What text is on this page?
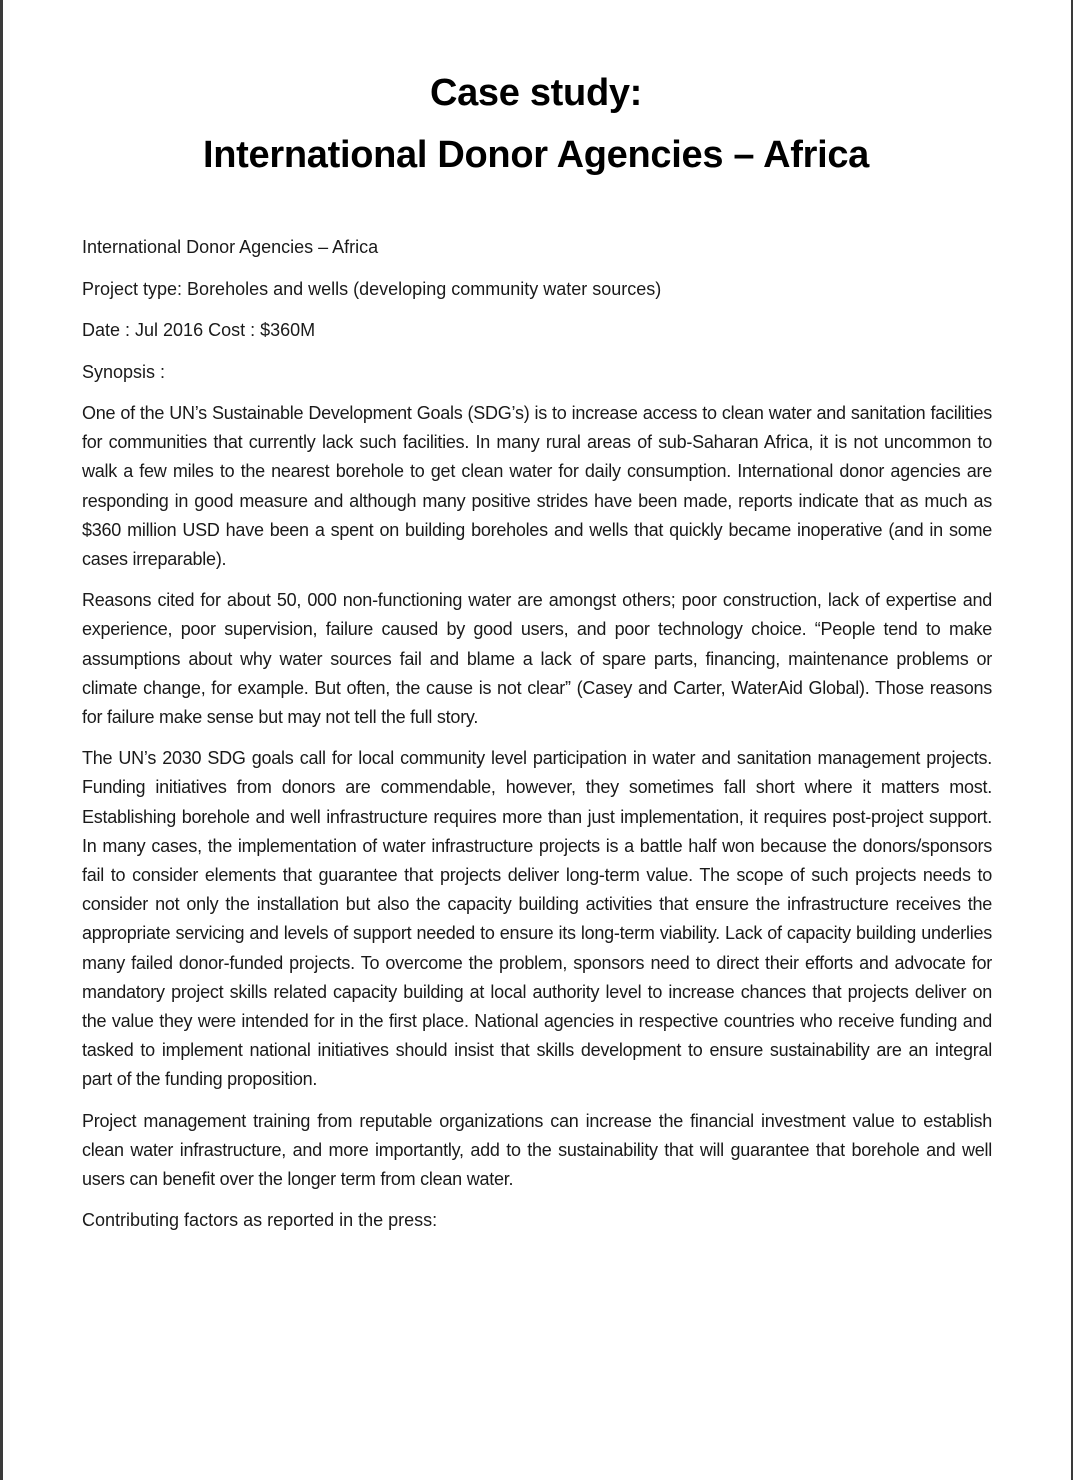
Case study:
International Donor Agencies – Africa

International Donor Agencies – Africa

Project type: Boreholes and wells (developing community water sources)

Date : Jul 2016 Cost : $360M

Synopsis :

One of the UN’s Sustainable Development Goals (SDG’s) is to increase access to clean water and sanitation facilities for communities that currently lack such facilities. In many rural areas of sub-Saharan Africa, it is not uncommon to walk a few miles to the nearest borehole to get clean water for daily consumption. International donor agencies are responding in good measure and although many positive strides have been made, reports indicate that as much as $360 million USD have been a spent on building boreholes and wells that quickly became inoperative (and in some cases irreparable).

Reasons cited for about 50, 000 non-functioning water are amongst others; poor construction, lack of expertise and experience, poor supervision, failure caused by good users, and poor technology choice. “People tend to make assumptions about why water sources fail and blame a lack of spare parts, financing, maintenance problems or climate change, for example. But often, the cause is not clear” (Casey and Carter, WaterAid Global). Those reasons for failure make sense but may not tell the full story.

The UN’s 2030 SDG goals call for local community level participation in water and sanitation management projects. Funding initiatives from donors are commendable, however, they sometimes fall short where it matters most. Establishing borehole and well infrastructure requires more than just implementation, it requires post-project support. In many cases, the implementation of water infrastructure projects is a battle half won because the donors/sponsors fail to consider elements that guarantee that projects deliver long-term value. The scope of such projects needs to consider not only the installation but also the capacity building activities that ensure the infrastructure receives the appropriate servicing and levels of support needed to ensure its long-term viability. Lack of capacity building underlies many failed donor-funded projects. To overcome the problem, sponsors need to direct their efforts and advocate for mandatory project skills related capacity building at local authority level to increase chances that projects deliver on the value they were intended for in the first place. National agencies in respective countries who receive funding and tasked to implement national initiatives should insist that skills development to ensure sustainability are an integral part of the funding proposition.

Project management training from reputable organizations can increase the financial investment value to establish clean water infrastructure, and more importantly, add to the sustainability that will guarantee that borehole and well users can benefit over the longer term from clean water.

Contributing factors as reported in the press:
